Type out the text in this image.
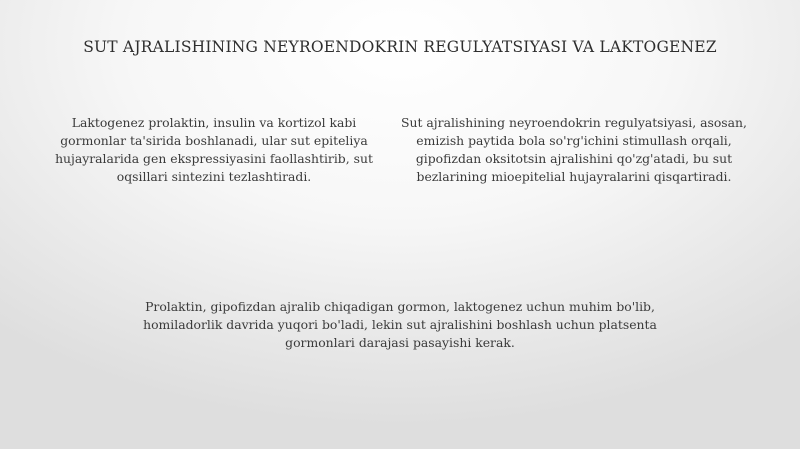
SUT AJRALISHINING NEYROENDOKRIN REGULYATSIYASI VA LAKTOGENEZ
Laktogenez prolaktin, insulin va kortizol kabi gormonlar ta'sirida boshlanadi, ular sut epiteliya hujayralarida gen ekspressiyasini faollashtirib, sut oqsillari sintezini tezlashtiradi.
Sut ajralishining neyroendokrin regulyatsiyasi, asosan, emizish paytida bola so'rg'ichini stimullash orqali, gipofizdan oksitotsin ajralishini qo'zg'atadi, bu sut bezlarining mioepitelial hujayralarini qisqartiradi.
Prolaktin, gipofizdan ajralib chiqadigan gormon, laktogenez uchun muhim bo'lib, homiladorlik davrida yuqori bo'ladi, lekin sut ajralishini boshlash uchun platsenta gormonlari darajasi pasayishi kerak.
